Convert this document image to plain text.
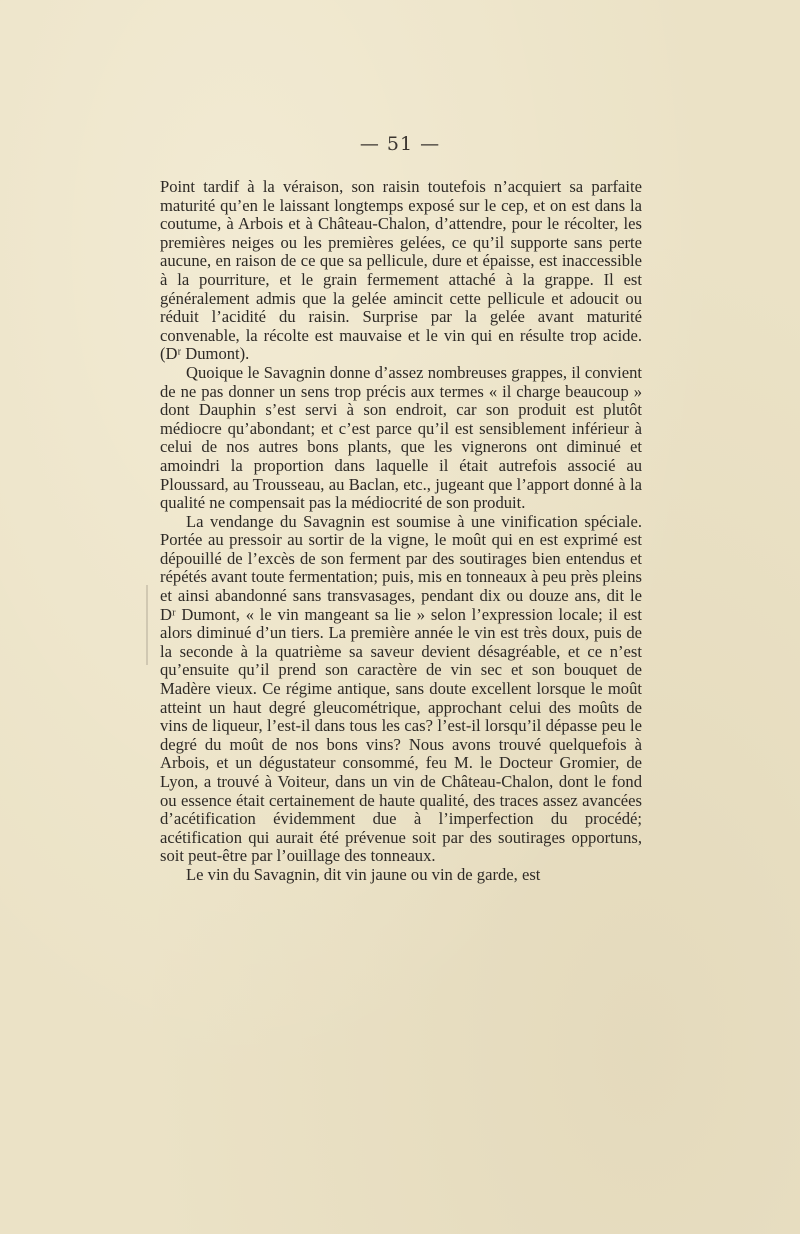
— 51 —

Point tardif à la véraison, son raisin toutefois n’acquiert sa parfaite maturité qu’en le laissant longtemps exposé sur le cep, et on est dans la coutume, à Arbois et à Château-Chalon, d’attendre, pour le récolter, les premières neiges ou les premières gelées, ce qu’il supporte sans perte aucune, en raison de ce que sa pellicule, dure et épaisse, est inaccessible à la pourriture, et le grain fermement attaché à la grappe. Il est généralement admis que la gelée amincit cette pellicule et adoucit ou réduit l’acidité du raisin. Surprise par la gelée avant maturité convenable, la récolte est mauvaise et le vin qui en résulte trop acide. (Dʳ Dumont).

Quoique le Savagnin donne d’assez nombreuses grappes, il convient de ne pas donner un sens trop précis aux termes « il charge beaucoup » dont Dauphin s’est servi à son endroit, car son produit est plutôt médiocre qu’abondant; et c’est parce qu’il est sensiblement inférieur à celui de nos autres bons plants, que les vignerons ont diminué et amoindri la proportion dans laquelle il était autrefois associé au Ploussard, au Trousseau, au Baclan, etc., jugeant que l’apport donné à la qualité ne compensait pas la médiocrité de son produit.

La vendange du Savagnin est soumise à une vinification spéciale. Portée au pressoir au sortir de la vigne, le moût qui en est exprimé est dépouillé de l’excès de son ferment par des soutirages bien entendus et répétés avant toute fermentation; puis, mis en tonneaux à peu près pleins et ainsi abandonné sans transvasages, pendant dix ou douze ans, dit le Dʳ Dumont, « le vin mangeant sa lie » selon l’expression locale; il est alors diminué d’un tiers. La première année le vin est très doux, puis de la seconde à la quatrième sa saveur devient désagréable, et ce n’est qu’ensuite qu’il prend son caractère de vin sec et son bouquet de Madère vieux. Ce régime antique, sans doute excellent lorsque le moût atteint un haut degré gleucométrique, approchant celui des moûts de vins de liqueur, l’est-il dans tous les cas? l’est-il lorsqu’il dépasse peu le degré du moût de nos bons vins? Nous avons trouvé quelquefois à Arbois, et un dégustateur consommé, feu M. le Docteur Gromier, de Lyon, a trouvé à Voiteur, dans un vin de Château-Chalon, dont le fond ou essence était certainement de haute qualité, des traces assez avancées d’acétification évidemment due à l’imperfection du procédé; acétification qui aurait été prévenue soit par des soutirages opportuns, soit peut-être par l’ouillage des tonneaux.

Le vin du Savagnin, dit vin jaune ou vin de garde, est
